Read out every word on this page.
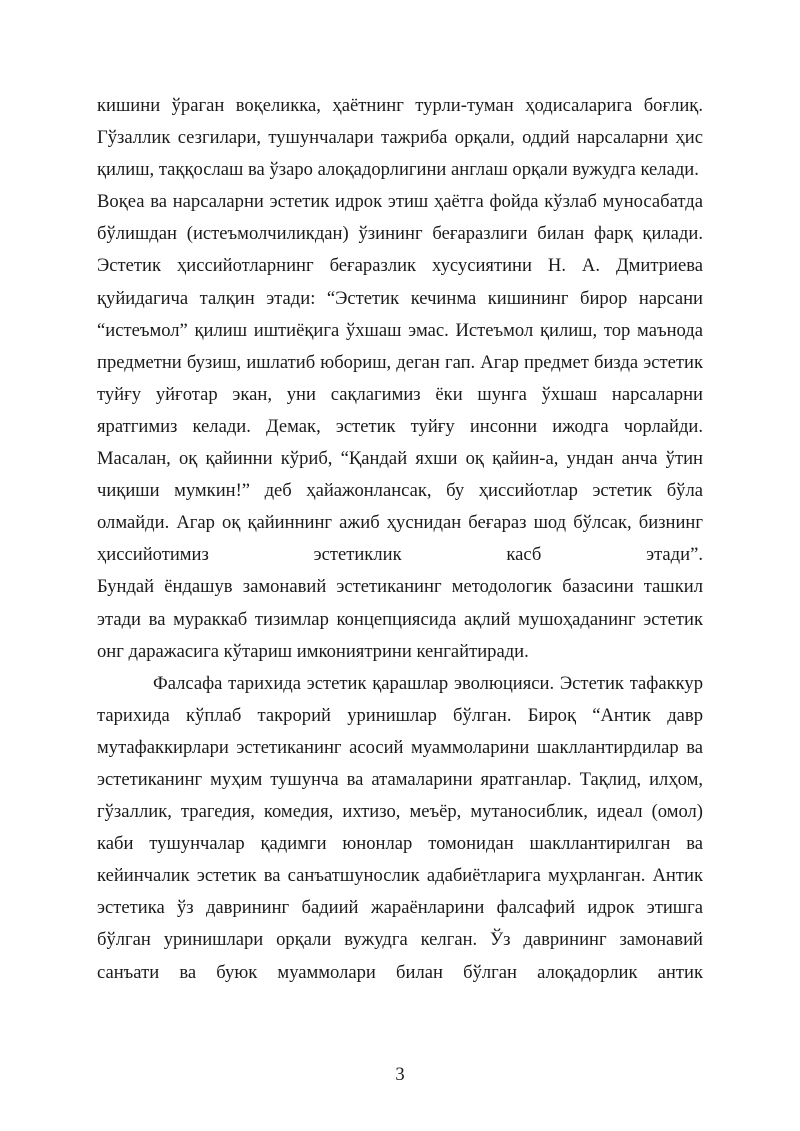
кишини ўраган воқеликка, ҳаётнинг турли-туман ҳодисаларига боғлиқ. Гўзаллик сезгилари, тушунчалари тажриба орқали, оддий нарсаларни ҳис қилиш, таққослаш ва ўзаро алоқадорлигини англаш орқали вужудга келади.

Воқеа ва нарсаларни эстетик идрок этиш ҳаётга фойда кўзлаб муносабатда бўлишдан (истеъмолчиликдан) ўзининг беғаразлиги билан фарқ қилади. Эстетик ҳиссийотларнинг беғаразлик хусусиятини Н. А. Дмитриева қуйидагича талқин этади: “Эстетик кечинма кишининг бирор нарсани “истеъмол” қилиш иштиёқига ўхшаш эмас. Истеъмол қилиш, тор маънода предметни бузиш, ишлатиб юбориш, деган гап. Агар предмет бизда эстетик туйғу уйғотар экан, уни сақлагимиз ёки шунга ўхшаш нарсаларни яратгимиз келади. Демак, эстетик туйғу инсонни ижодга чорлайди. Масалан, оқ қайинни кўриб, “Қандай яхши оқ қайин-а, ундан анча ўтин чиқиши мумкин!” деб ҳайажонлансак, бу ҳиссийотлар эстетик бўла олмайди. Агар оқ қайиннинг ажиб ҳуснидан беғараз шод бўлсак, бизнинг ҳиссийотимиз эстетиклик касб этади”.

Бундай ёндашув замонавий эстетиканинг методологик базасини ташкил этади ва мураккаб тизимлар концепциясида ақлий мушоҳаданинг эстетик онг даражасига кўтариш имкониятрини кенгайтиради.

Фалсафа тарихида эстетик қарашлар эволюцияси. Эстетик тафаккур тарихида кўплаб такрорий уринишлар бўлган. Бироқ “Антик давр мутафаккирлари эстетиканинг асосий муаммоларини шакллантирдилар ва эстетиканинг муҳим тушунча ва атамаларини яратганлар. Тақлид, илҳом, гўзаллик, трагедия, комедия, ихтизо, меъёр, мутаносиблик, идеал (омол) каби тушунчалар қадимги юнонлар томонидан шакллантирилган ва кейинчалик эстетик ва санъатшунослик адабиётларига муҳрланган. Антик эстетика ўз даврининг бадиий жараёнларини фалсафий идрок этишга бўлган уринишлари орқали вужудга келган. Ўз даврининг замонавий санъати ва буюк муаммолари билан бўлган алоқадорлик антик

3
